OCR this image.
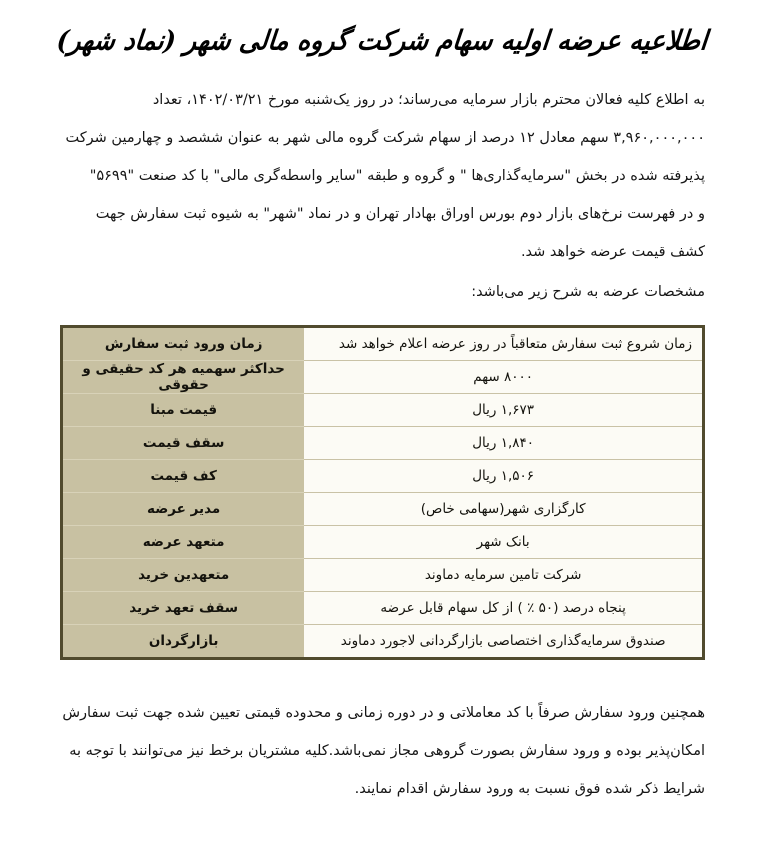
اطلاعیه عرضه اولیه سهام شرکت گروه مالی شهر (نماد شهر)

به اطلاع کلیه فعالان محترم بازار سرمایه می‌رساند؛ در روز یک‌شنبه مورخ ۱۴۰۲/۰۳/۲۱، تعداد
۳,۹۶۰,۰۰۰,۰۰۰ سهم معادل ۱۲ درصد از سهام شرکت گروه مالی شهر به عنوان ششصد و چهارمین شرکت
پذیرفته شده در بخش "سرمایه‌گذاری‌ها " و گروه و طبقه "سایر واسطه‌گری مالی" با کد صنعت "۵۶۹۹"
و در فهرست نرخ‌های بازار دوم بورس اوراق بهادار تهران و در نماد "شهر" به شیوه ثبت سفارش جهت
کشف قیمت عرضه خواهد شد.

مشخصات عرضه به شرح زیر می‌باشد:

زمان شروع ثبت سفارش متعاقباً در روز عرضه اعلام خواهد شد	زمان ورود ثبت سفارش
۸۰۰۰ سهم	حداکثر سهمیه هر کد حقیقی و حقوقی
۱,۶۷۳ ریال	قیمت مبنا
۱,۸۴۰ ریال	سقف قیمت
۱,۵۰۶ ریال	کف قیمت
کارگزاری شهر(سهامی خاص)	مدیر عرضه
بانک شهر	متعهد عرضه
شرکت تامین سرمایه دماوند	متعهدین خرید
پنجاه درصد (۵۰ ٪ ) از کل سهام قابل عرضه	سقف تعهد خرید
صندوق سرمایه‌گذاری اختصاصی بازارگردانی لاجورد دماوند	بازارگردان

همچنین ورود سفارش صرفاً با کد معاملاتی و در دوره زمانی و محدوده قیمتی تعیین شده جهت ثبت سفارش
امکان‌پذیر بوده و ورود سفارش بصورت گروهی مجاز نمی‌باشد.کلیه مشتریان برخط نیز می‌توانند با توجه به
شرایط ذکر شده فوق نسبت به ورود سفارش اقدام نمایند.
